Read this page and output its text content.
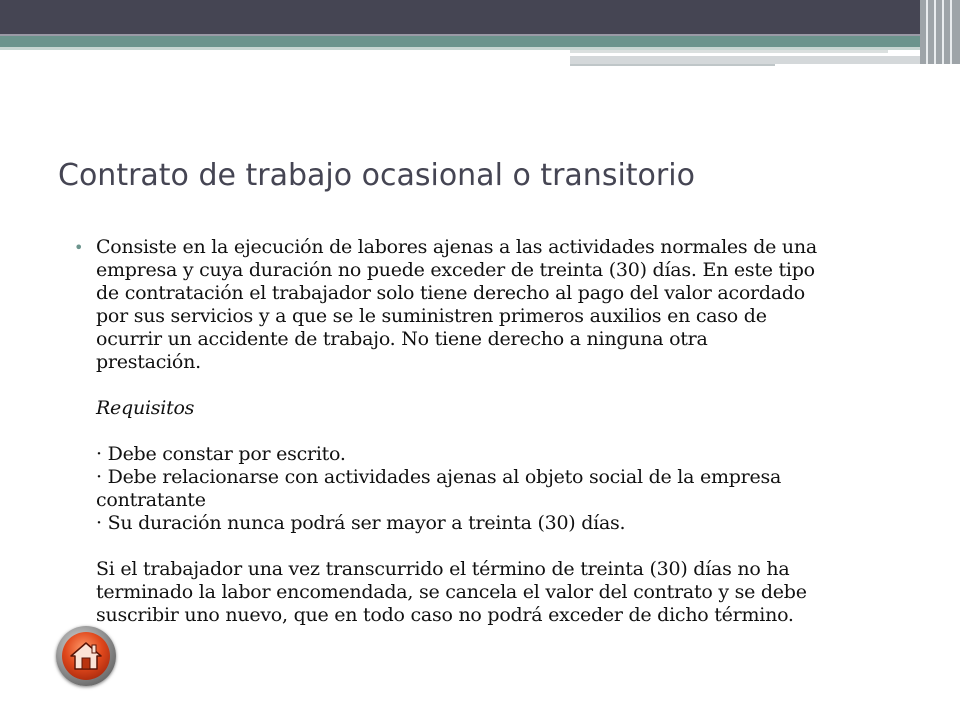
Contrato de trabajo ocasional o transitorio
• Consiste en la ejecución de labores ajenas a las actividades normales de una

empresa y cuya duración no puede exceder de treinta (30) días. En este tipo

de contratación el trabajador solo tiene derecho al pago del valor acordado

por sus servicios y a que se le suministren primeros auxilios en caso de

ocurrir un accidente de trabajo. No tiene derecho a ninguna otra

prestación.

Requisitos

· Debe constar por escrito.

· Debe relacionarse con actividades ajenas al objeto social de la empresa

contratante

· Su duración nunca podrá ser mayor a treinta (30) días.

Si el trabajador una vez transcurrido el término de treinta (30) días no ha

terminado la labor encomendada, se cancela el valor del contrato y se debe

suscribir uno nuevo, que en todo caso no podrá exceder de dicho término.
